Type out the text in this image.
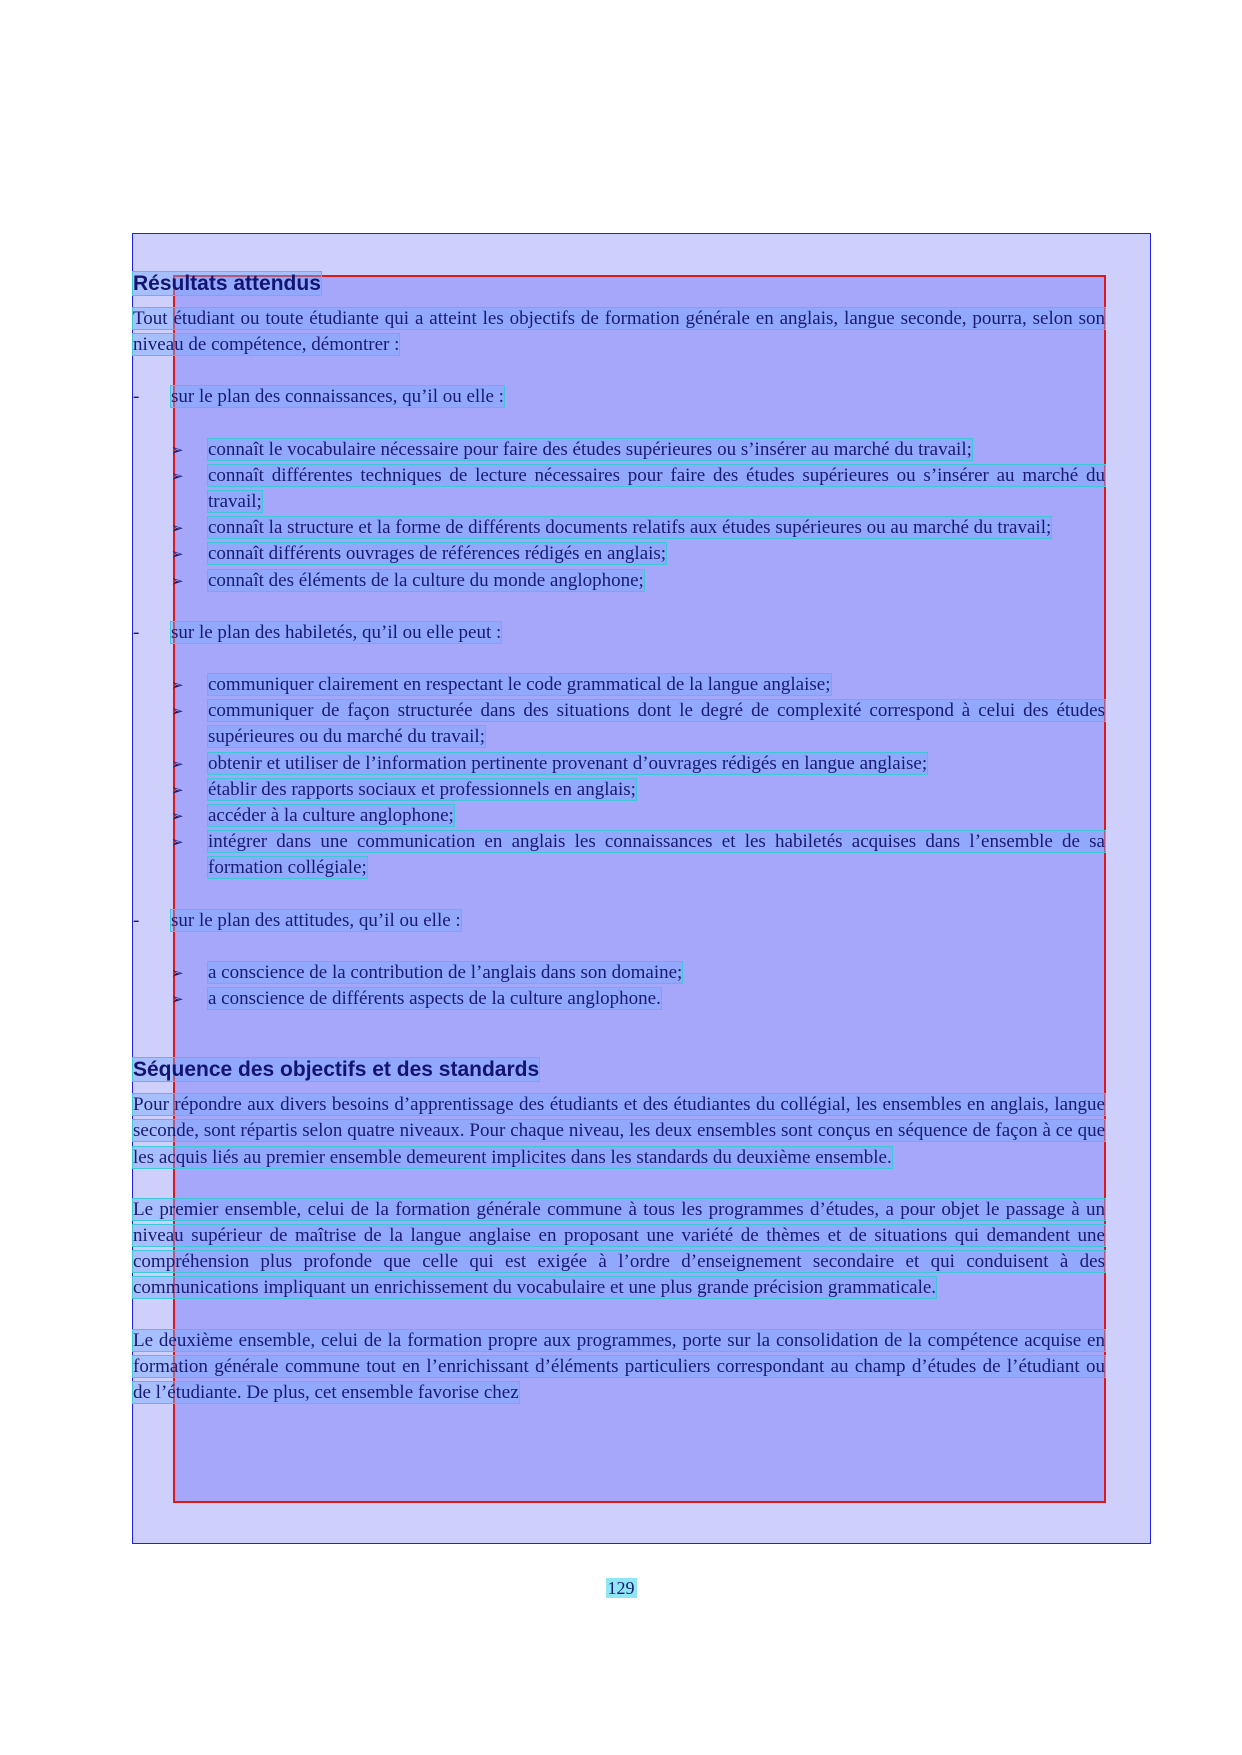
Résultats attendus

Tout étudiant ou toute étudiante qui a atteint les objectifs de formation générale en anglais, langue seconde, pourra, selon son niveau de compétence, démontrer :

- sur le plan des connaissances, qu’il ou elle :
➢ connaît le vocabulaire nécessaire pour faire des études supérieures ou s’insérer au marché du travail;
➢ connaît différentes techniques de lecture nécessaires pour faire des études supérieures ou s’insérer au marché du travail;
➢ connaît la structure et la forme de différents documents relatifs aux études supérieures ou au marché du travail;
➢ connaît différents ouvrages de références rédigés en anglais;
➢ connaît des éléments de la culture du monde anglophone;
- sur le plan des habiletés, qu’il ou elle peut :
➢ communiquer clairement en respectant le code grammatical de la langue anglaise;
➢ communiquer de façon structurée dans des situations dont le degré de complexité correspond à celui des études supérieures ou du marché du travail;
➢ obtenir et utiliser de l’information pertinente provenant d’ouvrages rédigés en langue anglaise;
➢ établir des rapports sociaux et professionnels en anglais;
➢ accéder à la culture anglophone;
➢ intégrer dans une communication en anglais les connaissances et les habiletés acquises dans l’ensemble de sa formation collégiale;
- sur le plan des attitudes, qu’il ou elle :
➢ a conscience de la contribution de l’anglais dans son domaine;
➢ a conscience de différents aspects de la culture anglophone.
Séquence des objectifs et des standards

Pour répondre aux divers besoins d’apprentissage des étudiants et des étudiantes du collégial, les ensembles en anglais, langue seconde, sont répartis selon quatre niveaux. Pour chaque niveau, les deux ensembles sont conçus en séquence de façon à ce que les acquis liés au premier ensemble demeurent implicites dans les standards du deuxième ensemble.

Le premier ensemble, celui de la formation générale commune à tous les programmes d’études, a pour objet le passage à un niveau supérieur de maîtrise de la langue anglaise en proposant une variété de thèmes et de situations qui demandent une compréhension plus profonde que celle qui est exigée à l’ordre d’enseignement secondaire et qui conduisent à des communications impliquant un enrichissement du vocabulaire et une plus grande précision grammaticale.

Le deuxième ensemble, celui de la formation propre aux programmes, porte sur la consolidation de la compétence acquise en formation générale commune tout en l’enrichissant d’éléments particuliers correspondant au champ d’études de l’étudiant ou de l’étudiante. De plus, cet ensemble favorise chez

129
